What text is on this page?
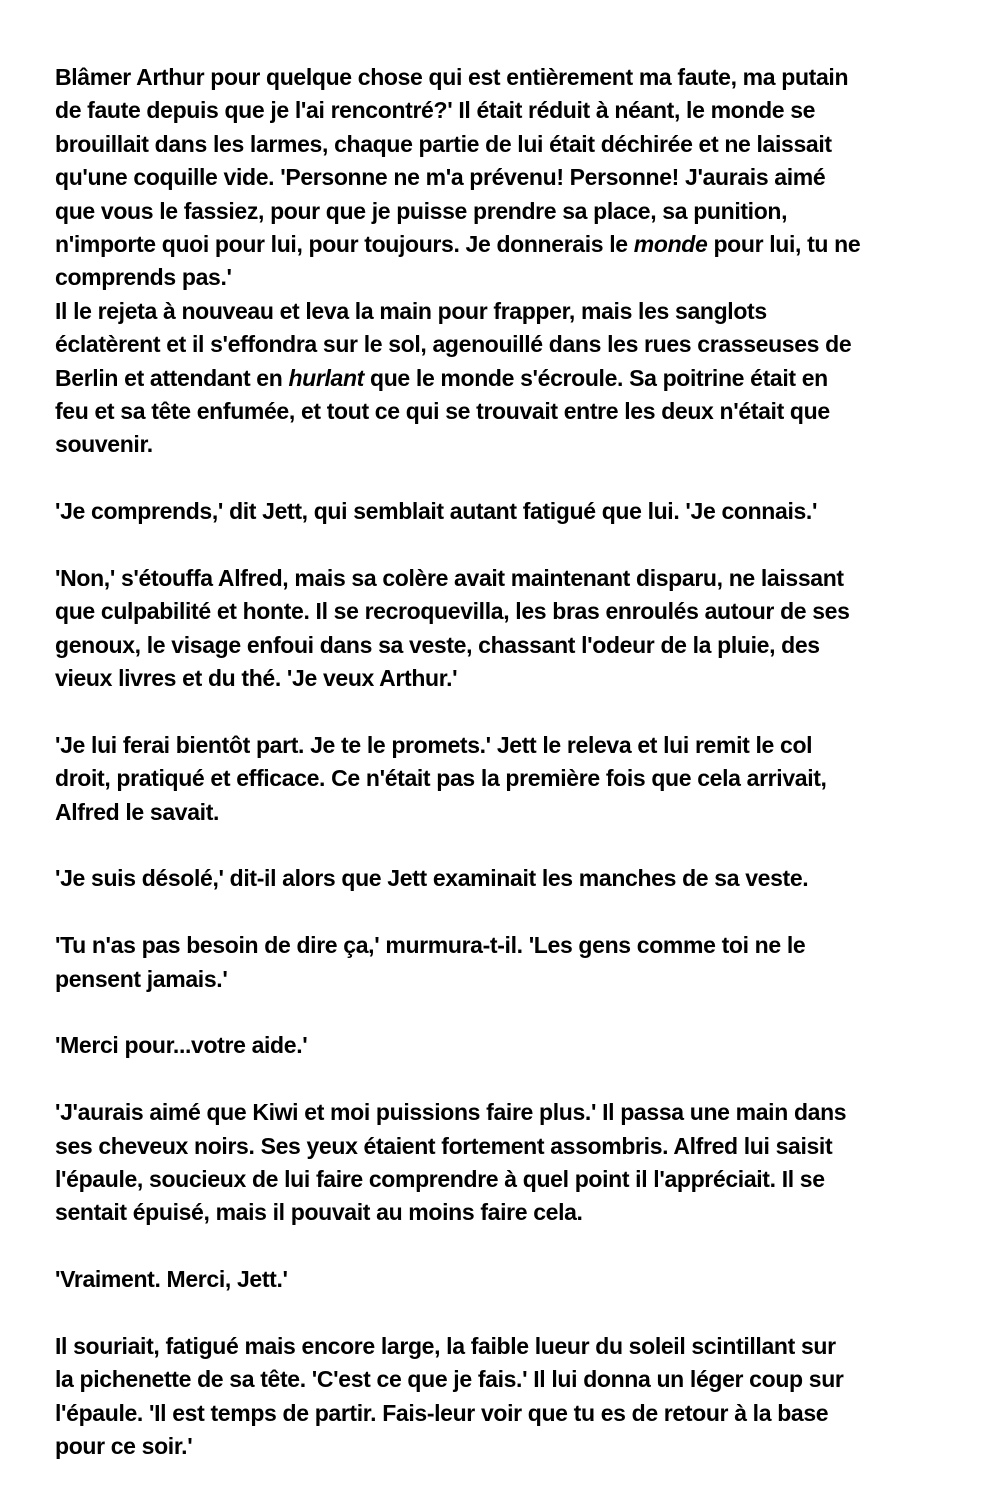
Blâmer Arthur pour quelque chose qui est entièrement ma faute, ma putain
de faute depuis que je l'ai rencontré?' Il était réduit à néant, le monde se
brouillait dans les larmes, chaque partie de lui était déchirée et ne laissait
qu'une coquille vide. 'Personne ne m'a prévenu! Personne! J'aurais aimé
que vous le fassiez, pour que je puisse prendre sa place, sa punition,
n'importe quoi pour lui, pour toujours. Je donnerais le monde pour lui, tu ne
comprends pas.'
Il le rejeta à nouveau et leva la main pour frapper, mais les sanglots
éclatèrent et il s'effondra sur le sol, agenouillé dans les rues crasseuses de
Berlin et attendant en hurlant que le monde s'écroule. Sa poitrine était en
feu et sa tête enfumée, et tout ce qui se trouvait entre les deux n'était que
souvenir.
'Je comprends,' dit Jett, qui semblait autant fatigué que lui. 'Je connais.'
'Non,' s'étouffa Alfred, mais sa colère avait maintenant disparu, ne laissant
que culpabilité et honte. Il se recroquevilla, les bras enroulés autour de ses
genoux, le visage enfoui dans sa veste, chassant l'odeur de la pluie, des
vieux livres et du thé. 'Je veux Arthur.'
'Je lui ferai bientôt part. Je te le promets.' Jett le releva et lui remit le col
droit, pratiqué et efficace. Ce n'était pas la première fois que cela arrivait,
Alfred le savait.
'Je suis désolé,' dit-il alors que Jett examinait les manches de sa veste.
'Tu n'as pas besoin de dire ça,' murmura-t-il. 'Les gens comme toi ne le
pensent jamais.'
'Merci pour...votre aide.'
'J'aurais aimé que Kiwi et moi puissions faire plus.' Il passa une main dans
ses cheveux noirs. Ses yeux étaient fortement assombris. Alfred lui saisit
l'épaule, soucieux de lui faire comprendre à quel point il l'appréciait. Il se
sentait épuisé, mais il pouvait au moins faire cela.
'Vraiment. Merci, Jett.'
Il souriait, fatigué mais encore large, la faible lueur du soleil scintillant sur
la pichenette de sa tête. 'C'est ce que je fais.' Il lui donna un léger coup sur
l'épaule. 'Il est temps de partir. Fais-leur voir que tu es de retour à la base
pour ce soir.'
